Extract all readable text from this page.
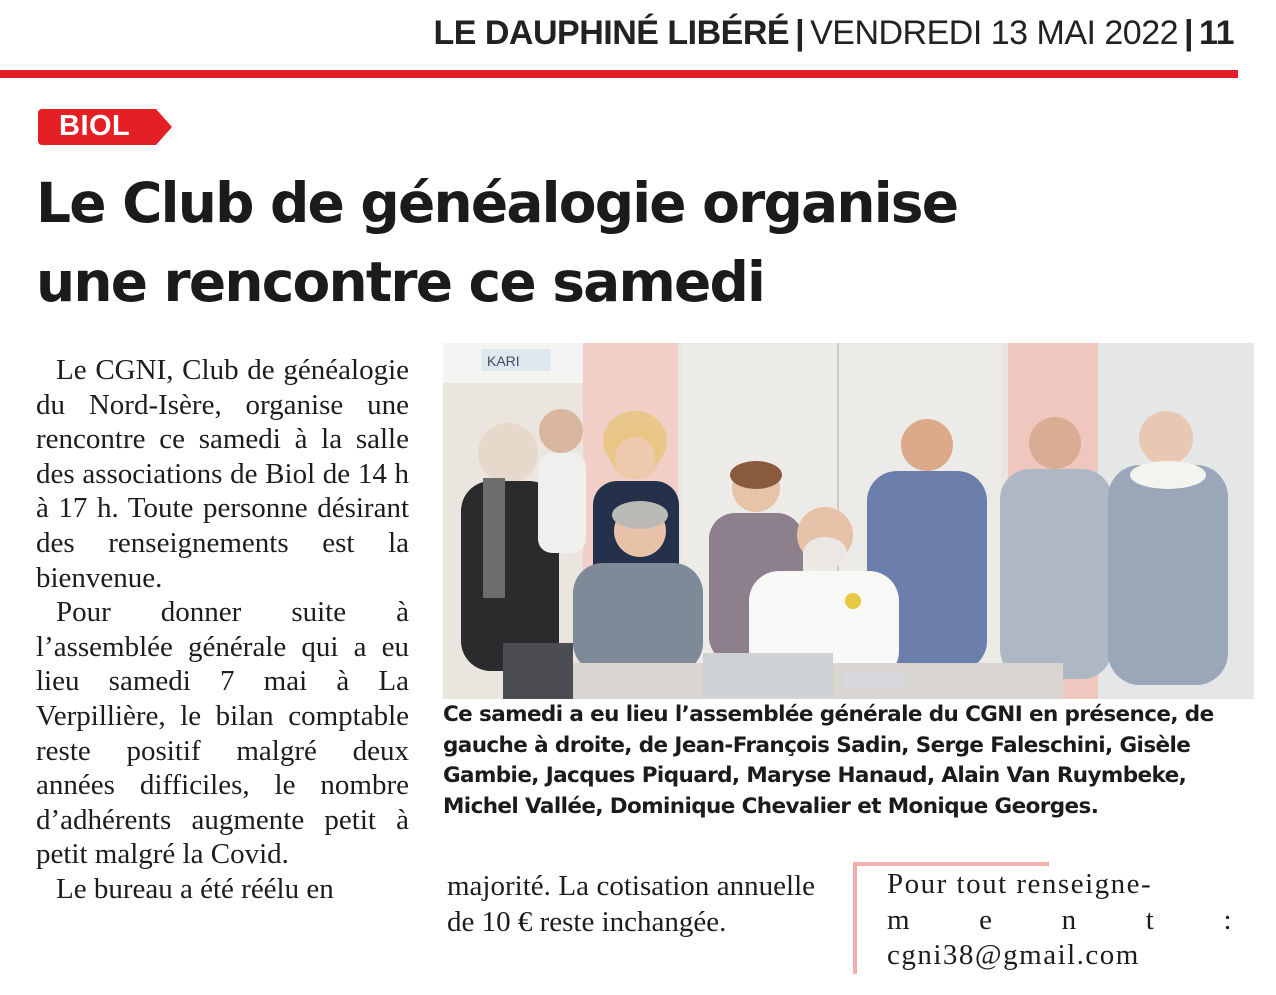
LE DAUPHINÉ LIBÉRÉ | VENDREDI 13 MAI 2022 | 11
BIOL
Le Club de généalogie organise
une rencontre ce samedi

Le CGNI, Club de généalogie du Nord-Isère, organise une rencontre ce samedi à la salle des associations de Biol de 14 h à 17 h. Toute personne désirant des renseignements est la bienvenue.

Pour donner suite à l’assemblée générale qui a eu lieu samedi 7 mai à La Verpillière, le bilan comptable reste positif malgré deux années difficiles, le nombre d’adhérents augmente petit à petit malgré la Covid.

Le bureau a été réélu en

KARI
Ce samedi a eu lieu l’assemblée générale du CGNI en présence, de gauche à droite, de Jean-François Sadin, Serge Faleschini, Gisèle Gambie, Jacques Piquard, Maryse Hanaud, Alain Van Ruymbeke, Michel Vallée, Dominique Chevalier et Monique Georges.
majorité. La cotisation annuelle de 10 € reste inchangée.
Pour tout renseigne-
m e n t :
cgni38@gmail.com
